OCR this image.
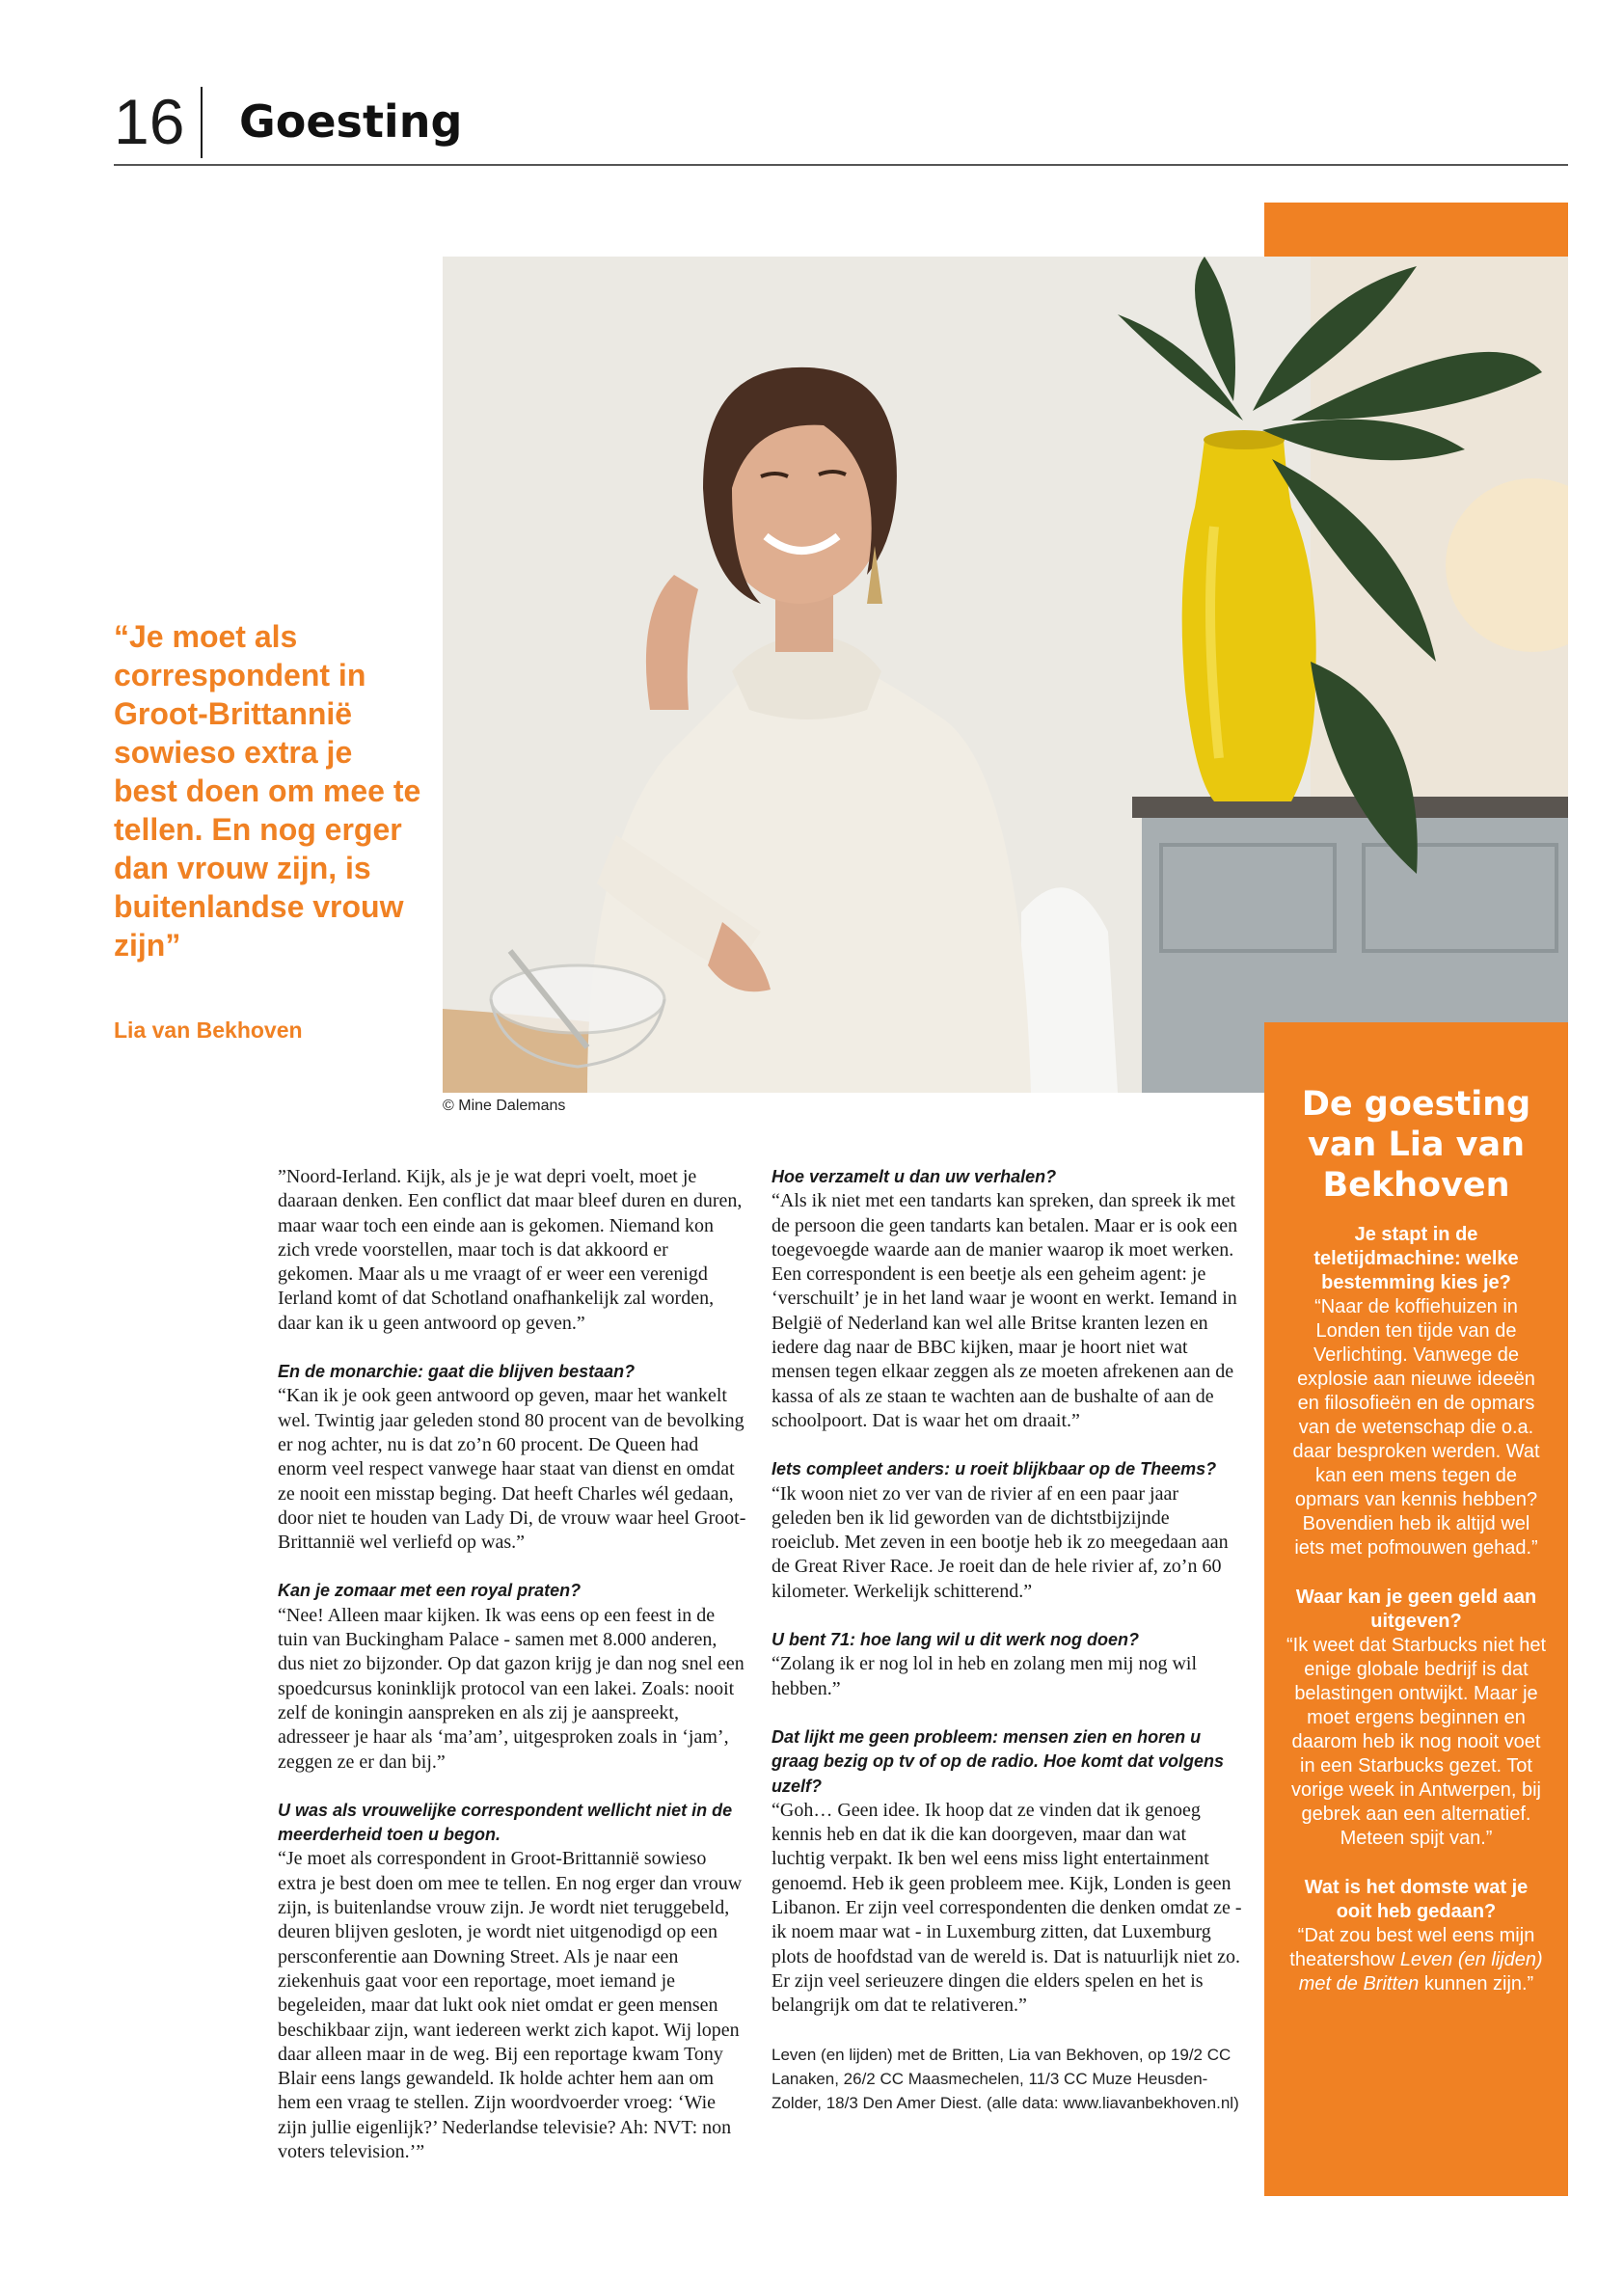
16 Goesting
© Mine Dalemans

“Je moet als correspondent in Groot-Brittannië sowieso extra je best doen om mee te tellen. En nog erger dan vrouw zijn, is buitenlandse vrouw zijn”

Lia van Bekhoven

”Noord-Ierland. Kijk, als je je wat depri voelt, moet je daaraan denken. Een conflict dat maar bleef duren en duren, maar waar toch een einde aan is gekomen. Niemand kon zich vrede voorstellen, maar toch is dat akkoord er gekomen. Maar als u me vraagt of er weer een verenigd Ierland komt of dat Schotland onafhankelijk zal worden, daar kan ik u geen antwoord op geven.”

En de monarchie: gaat die blijven bestaan?
“Kan ik je ook geen antwoord op geven, maar het wankelt wel. Twintig jaar geleden stond 80 procent van de bevolking er nog achter, nu is dat zo’n 60 procent. De Queen had enorm veel respect vanwege haar staat van dienst en omdat ze nooit een misstap beging. Dat heeft Charles wél gedaan, door niet te houden van Lady Di, de vrouw waar heel Groot-Brittannië wel verliefd op was.”

Kan je zomaar met een royal praten?
“Nee! Alleen maar kijken. Ik was eens op een feest in de tuin van Buckingham Palace - samen met 8.000 anderen, dus niet zo bijzonder. Op dat gazon krijg je dan nog snel een spoedcursus koninklijk protocol van een lakei. Zoals: nooit zelf de koningin aanspreken en als zij je aanspreekt, adresseer je haar als ‘ma’am’, uitgesproken zoals in ‘jam’, zeggen ze er dan bij.”

U was als vrouwelijke correspondent wellicht niet in de meerderheid toen u begon.
“Je moet als correspondent in Groot-Brittannië sowieso extra je best doen om mee te tellen. En nog erger dan vrouw zijn, is buitenlandse vrouw zijn. Je wordt niet teruggebeld, deuren blijven gesloten, je wordt niet uitgenodigd op een persconferentie aan Downing Street. Als je naar een ziekenhuis gaat voor een reportage, moet iemand je begeleiden, maar dat lukt ook niet omdat er geen mensen beschikbaar zijn, want iedereen werkt zich kapot. Wij lopen daar alleen maar in de weg. Bij een reportage kwam Tony Blair eens langs gewandeld. Ik holde achter hem aan om hem een vraag te stellen. Zijn woordvoerder vroeg: ‘Wie zijn jullie eigenlijk?’ Nederlandse televisie? Ah: NVT: non voters television.’”

Hoe verzamelt u dan uw verhalen?
“Als ik niet met een tandarts kan spreken, dan spreek ik met de persoon die geen tandarts kan betalen. Maar er is ook een toegevoegde waarde aan de manier waarop ik moet werken. Een correspondent is een beetje als een geheim agent: je ‘verschuilt’ je in het land waar je woont en werkt. Iemand in België of Nederland kan wel alle Britse kranten lezen en iedere dag naar de BBC kijken, maar je hoort niet wat mensen tegen elkaar zeggen als ze moeten afrekenen aan de kassa of als ze staan te wachten aan de bushalte of aan de schoolpoort. Dat is waar het om draait.”

Iets compleet anders: u roeit blijkbaar op de Theems?
“Ik woon niet zo ver van de rivier af en een paar jaar geleden ben ik lid geworden van de dichtstbijzijnde roeiclub. Met zeven in een bootje heb ik zo meegedaan aan de Great River Race. Je roeit dan de hele rivier af, zo’n 60 kilometer. Werkelijk schitterend.”

U bent 71: hoe lang wil u dit werk nog doen?
“Zolang ik er nog lol in heb en zolang men mij nog wil hebben.”

Dat lijkt me geen probleem: mensen zien en horen u graag bezig op tv of op de radio. Hoe komt dat volgens uzelf?
“Goh… Geen idee. Ik hoop dat ze vinden dat ik genoeg kennis heb en dat ik die kan doorgeven, maar dan wat luchtig verpakt. Ik ben wel eens miss light entertainment genoemd. Heb ik geen probleem mee. Kijk, Londen is geen Libanon. Er zijn veel correspondenten die denken omdat ze - ik noem maar wat - in Luxemburg zitten, dat Luxemburg plots de hoofdstad van de wereld is. Dat is natuurlijk niet zo. Er zijn veel serieuzere dingen die elders spelen en het is belangrijk om dat te relativeren.”

Leven (en lijden) met de Britten, Lia van Bekhoven, op 19/2 CC Lanaken, 26/2 CC Maasmechelen, 11/3 CC Muze Heusden-Zolder, 18/3 Den Amer Diest. (alle data: www.liavanbekhoven.nl)
De goesting van Lia van Bekhoven

Je stapt in de teletijdmachine: welke bestemming kies je?

“Naar de koffiehuizen in Londen ten tijde van de Verlichting. Vanwege de explosie aan nieuwe ideeën en filosofieën en de opmars van de wetenschap die o.a. daar besproken werden. Wat kan een mens tegen de opmars van kennis hebben? Bovendien heb ik altijd wel iets met pofmouwen gehad.”

Waar kan je geen geld aan uitgeven?

“Ik weet dat Starbucks niet het enige globale bedrijf is dat belastingen ontwijkt. Maar je moet ergens beginnen en daarom heb ik nog nooit voet in een Starbucks gezet. Tot vorige week in Antwerpen, bij gebrek aan een alternatief. Meteen spijt van.”

Wat is het domste wat je ooit heb gedaan?

“Dat zou best wel eens mijn theatershow Leven (en lijden) met de Britten kunnen zijn.”
